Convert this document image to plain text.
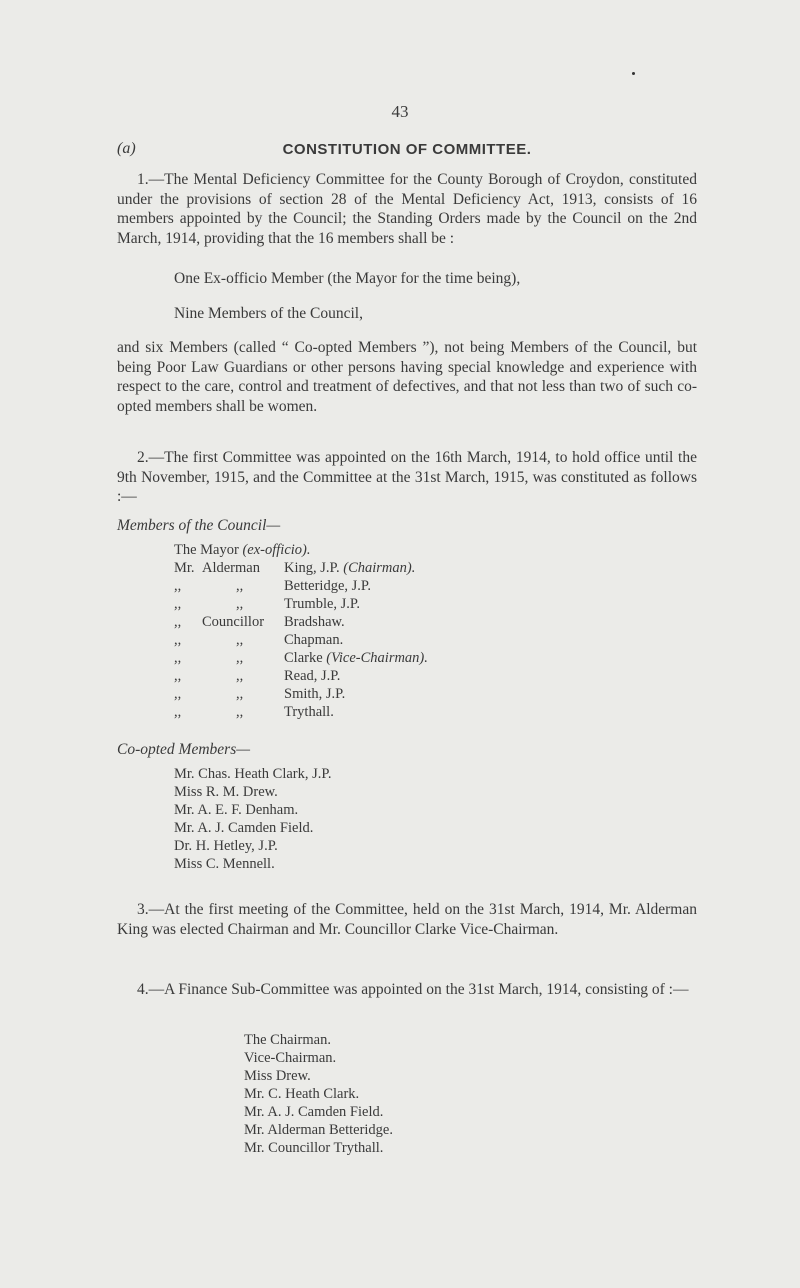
43
(a)	CONSTITUTION OF COMMITTEE.
1.—The Mental Deficiency Committee for the County Borough of Croydon, constituted under the provisions of section 28 of the Mental Deficiency Act, 1913, consists of 16 members appointed by the Council; the Standing Orders made by the Council on the 2nd March, 1914, providing that the 16 members shall be :
One Ex-officio Member (the Mayor for the time being),
Nine Members of the Council,
and six Members (called “ Co-opted Members ”), not being Members of the Council, but being Poor Law Guardians or other persons having special knowledge and experience with respect to the care, control and treatment of defectives, and that not less than two of such co-opted members shall be women.
2.—The first Committee was appointed on the 16th March, 1914, to hold office until the 9th November, 1915, and the Committee at the 31st March, 1915, was constituted as follows :—
Members of the Council—
The Mayor (ex-officio).
Mr. Alderman King, J.P. (Chairman).
,,	,,	Betteridge, J.P.
,,	,,	Trumble, J.P.
,, Councillor Bradshaw.
,,	,,	Chapman.
,,	,,	Clarke (Vice-Chairman).
,,	,,	Read, J.P.
,,	,,	Smith, J.P.
,,	,,	Trythall.
Co-opted Members—
Mr. Chas. Heath Clark, J.P.
Miss R. M. Drew.
Mr. A. E. F. Denham.
Mr. A. J. Camden Field.
Dr. H. Hetley, J.P.
Miss C. Mennell.
3.—At the first meeting of the Committee, held on the 31st March, 1914, Mr. Alderman King was elected Chairman and Mr. Councillor Clarke Vice-Chairman.
4.—A Finance Sub-Committee was appointed on the 31st March, 1914, consisting of :—
The Chairman.
Vice-Chairman.
Miss Drew.
Mr. C. Heath Clark.
Mr. A. J. Camden Field.
Mr. Alderman Betteridge.
Mr. Councillor Trythall.
